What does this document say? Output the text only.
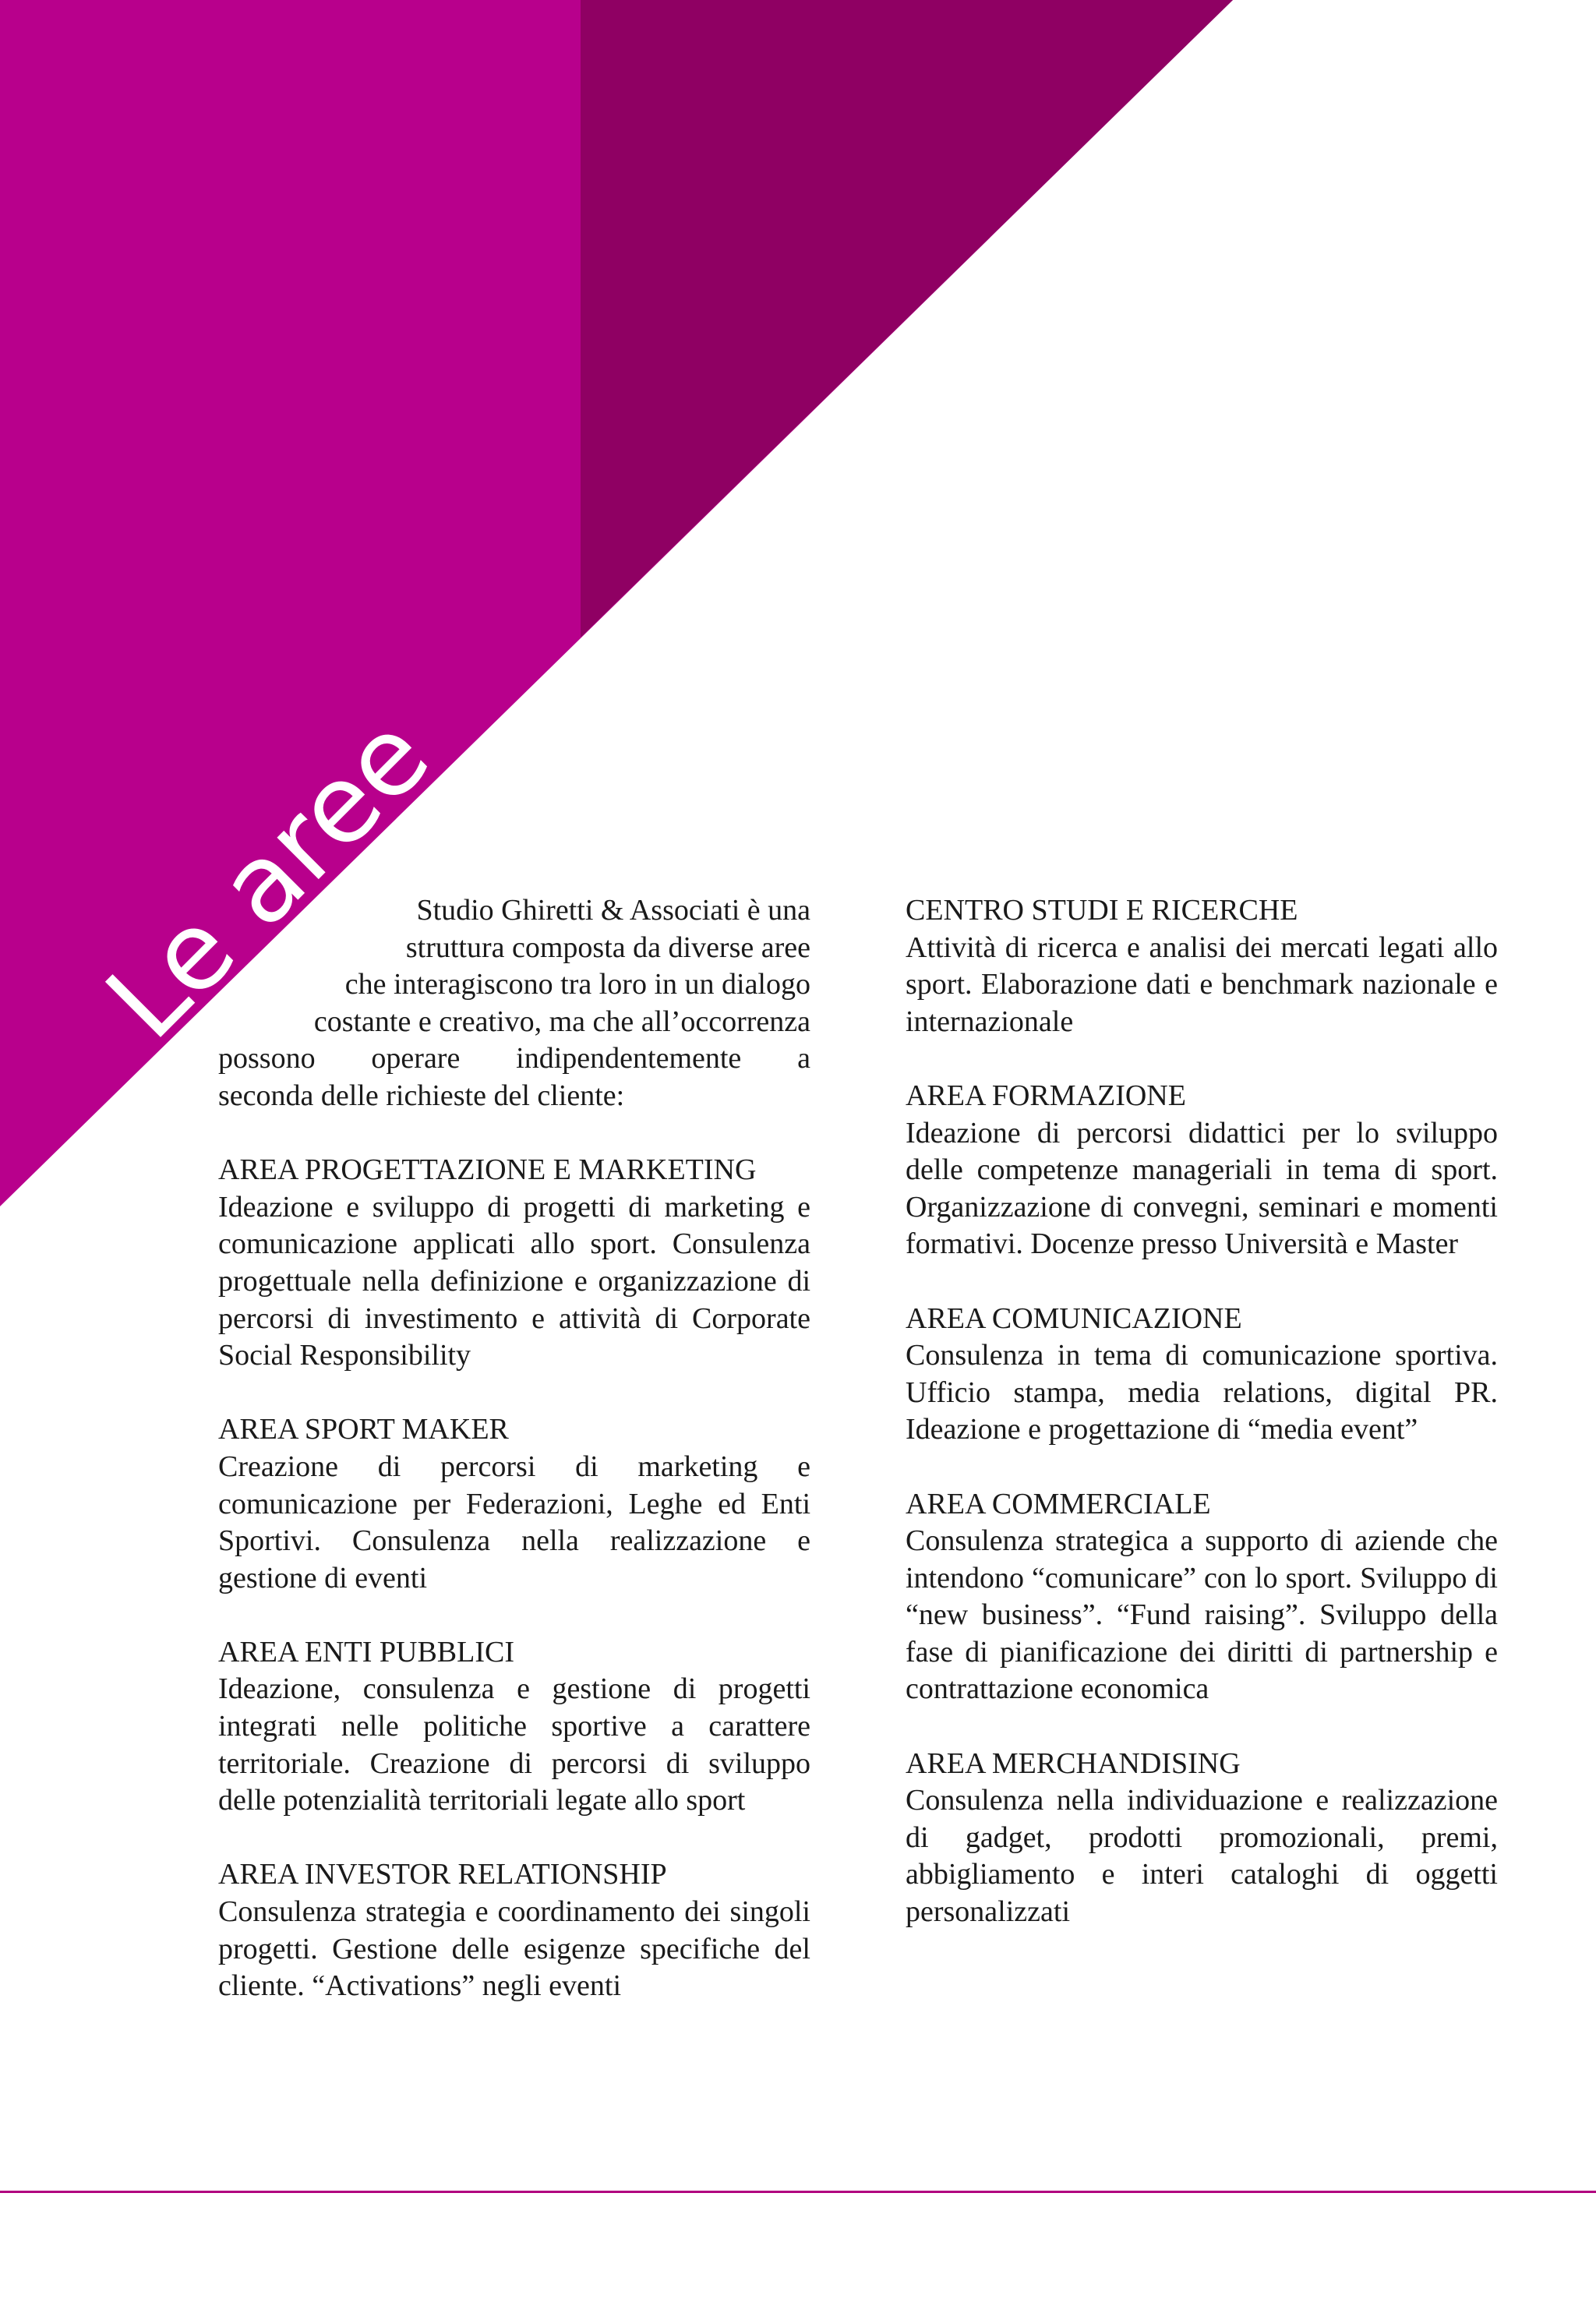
Le aree
Studio Ghiretti & Associati è una
struttura composta da diverse aree
che interagiscono tra loro in un dialogo
costante e creativo, ma che all’occorrenza
possono operare indipendentemente a
seconda delle richieste del cliente:
AREA PROGETTAZIONE E MARKETING
Ideazione e sviluppo di progetti di marketing e comunicazione applicati allo sport. Consulenza progettuale nella definizione e organizzazione di percorsi di investimento e attività di Corporate Social Responsibility
AREA SPORT MAKER
Creazione di percorsi di marketing e comunicazione per Federazioni, Leghe ed Enti Sportivi. Consulenza nella realizzazione e gestione di eventi
AREA ENTI PUBBLICI
Ideazione, consulenza e gestione di progetti integrati nelle politiche sportive a carattere territoriale. Creazione di percorsi di sviluppo delle potenzialità territoriali legate allo sport
AREA INVESTOR RELATIONSHIP
Consulenza strategia e coordinamento dei singoli progetti. Gestione delle esigenze specifiche del cliente. “Activations” negli eventi
CENTRO STUDI E RICERCHE
Attività di ricerca e analisi dei mercati legati allo sport. Elaborazione dati e benchmark nazionale e internazionale
AREA FORMAZIONE
Ideazione di percorsi didattici per lo sviluppo delle competenze manageriali in tema di sport. Organizzazione di convegni, seminari e momenti formativi. Docenze presso Università e Master
AREA COMUNICAZIONE
Consulenza in tema di comunicazione sportiva. Ufficio stampa, media relations, digital PR. Ideazione e progettazione di “media event”
AREA COMMERCIALE
Consulenza strategica a supporto di aziende che intendono “comunicare” con lo sport. Sviluppo di “new business”. “Fund raising”. Sviluppo della fase di pianificazione dei diritti di partnership e contrattazione economica
AREA MERCHANDISING
Consulenza nella individuazione e realizzazione di gadget, prodotti promozionali, premi, abbigliamento e interi cataloghi di oggetti personalizzati
